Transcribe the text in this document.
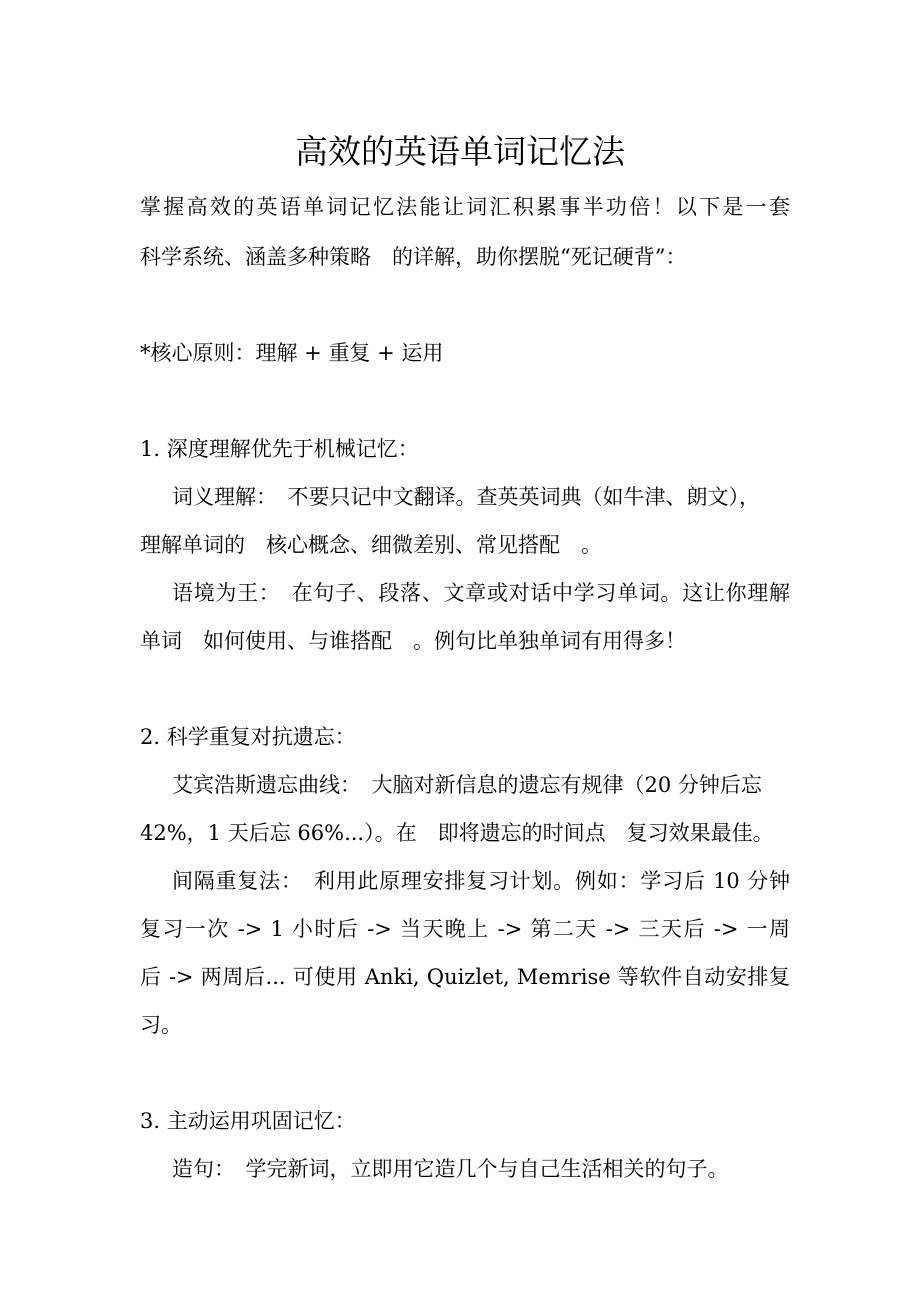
高效的英语单词记忆法

掌握高效的英语单词记忆法能让词汇积累事半功倍！以下是一套

科学系统、涵盖多种策略　的详解，助你摆脱“死记硬背”：

*核心原则：理解 + 重复 + 运用

1. 深度理解优先于机械记忆：

词义理解：　不要只记中文翻译。查英英词典（如牛津、朗文），

理解单词的　核心概念、细微差别、常见搭配　。

语境为王：　在句子、段落、文章或对话中学习单词。这让你理解

单词　如何使用、与谁搭配　。例句比单独单词有用得多！

2. 科学重复对抗遗忘：

艾宾浩斯遗忘曲线：　大脑对新信息的遗忘有规律（20 分钟后忘

42%，1 天后忘 66%...）。在　即将遗忘的时间点　复习效果最佳。

间隔重复法：　利用此原理安排复习计划。例如：学习后 10 分钟

复习一次 -> 1 小时后 -> 当天晚上 -> 第二天 -> 三天后 -> 一周

后 -> 两周后... 可使用 Anki, Quizlet, Memrise 等软件自动安排复

习。

3. 主动运用巩固记忆：

造句：　学完新词，立即用它造几个与自己生活相关的句子。
